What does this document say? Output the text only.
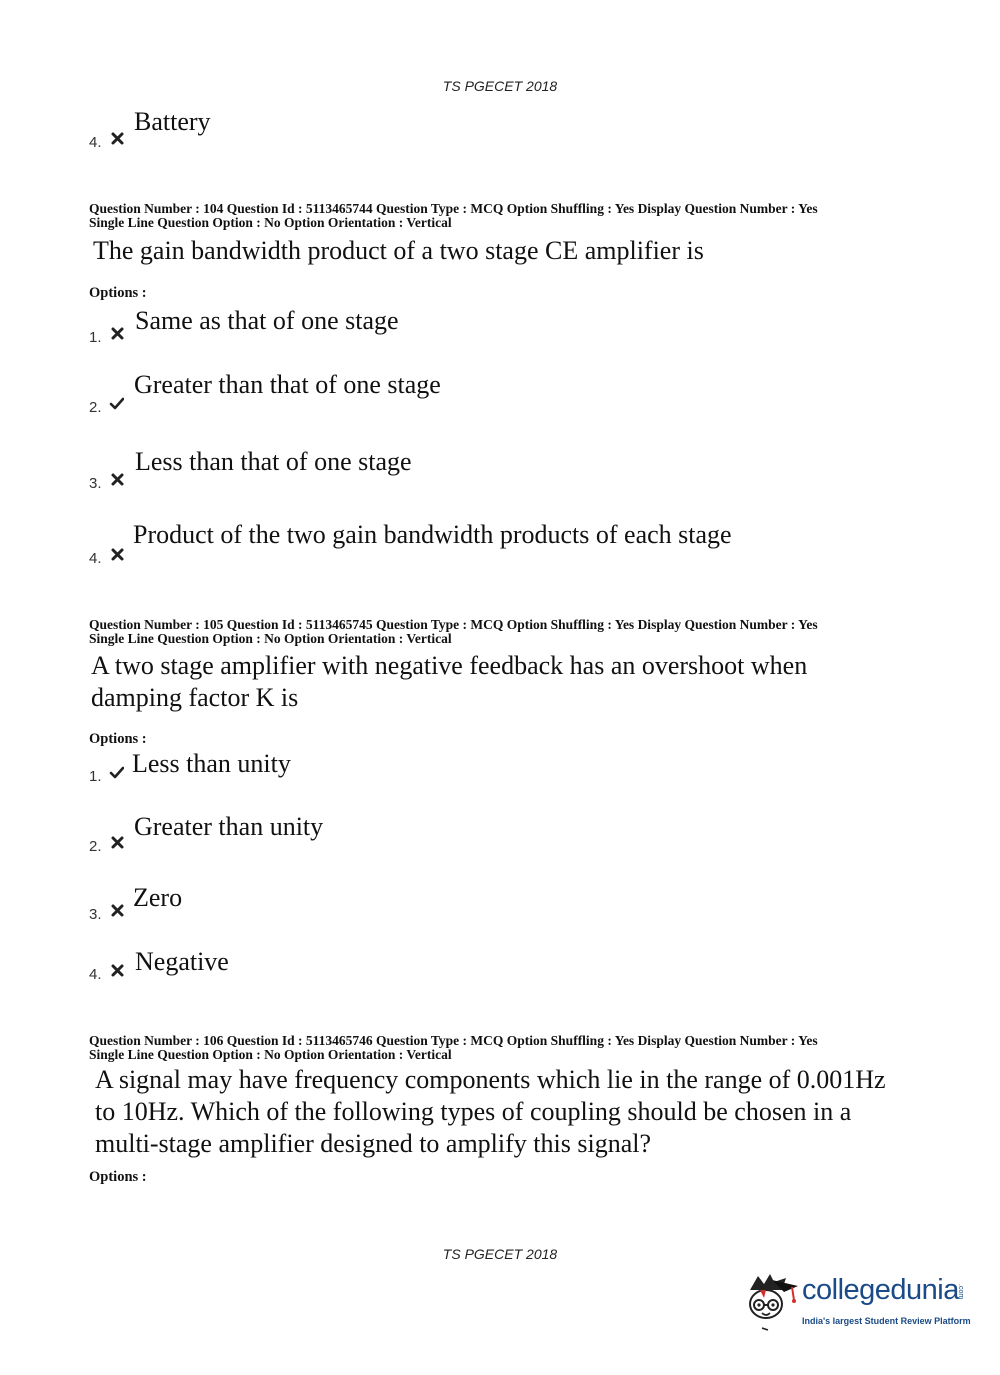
TS PGECET 2018
4.
Battery
Question Number : 104 Question Id : 5113465744 Question Type : MCQ Option Shuffling : Yes Display Question Number : Yes
Single Line Question Option : No Option Orientation : Vertical
The gain bandwidth product of a two stage CE amplifier is
Options :
1.
Same as that of one stage
2.
Greater than that of one stage
3.
Less than that of one stage
4.
Product of the two gain bandwidth products of each stage
Question Number : 105 Question Id : 5113465745 Question Type : MCQ Option Shuffling : Yes Display Question Number : Yes
Single Line Question Option : No Option Orientation : Vertical
A two stage amplifier with negative feedback has an overshoot when
damping factor K is
Options :
1. Less than unity
2.
Greater than unity
3.
Zero
4. Negative
Question Number : 106 Question Id : 5113465746 Question Type : MCQ Option Shuffling : Yes Display Question Number : Yes
Single Line Question Option : No Option Orientation : Vertical
A signal may have frequency components which lie in the range of 0.001Hz
to 10Hz. Which of the following types of coupling should be chosen in a
multi-stage amplifier designed to amplify this signal?
Options :
TS PGECET 2018
collegedunia
.com
India's largest Student Review Platform
